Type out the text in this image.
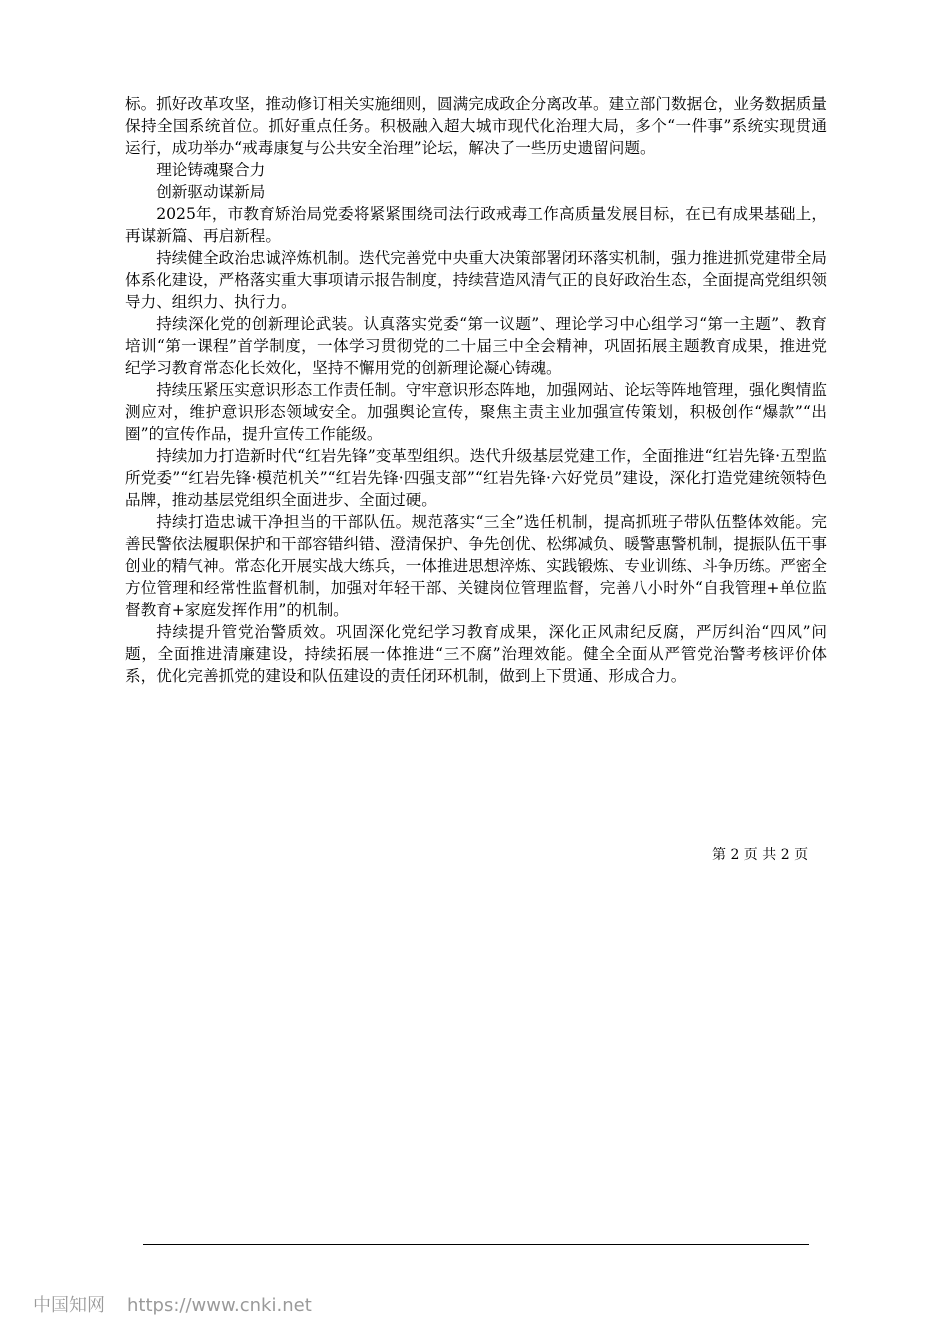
标。抓好改革攻坚，推动修订相关实施细则，圆满完成政企分离改革。建立部门数据仓，业务数据质量保持全国系统首位。抓好重点任务。积极融入超大城市现代化治理大局，多个“一件事”系统实现贯通运行，成功举办“戒毒康复与公共安全治理”论坛，解决了一些历史遗留问题。

理论铸魂聚合力

创新驱动谋新局

2025年，市教育矫治局党委将紧紧围绕司法行政戒毒工作高质量发展目标，在已有成果基础上，再谋新篇、再启新程。

持续健全政治忠诚淬炼机制。迭代完善党中央重大决策部署闭环落实机制，强力推进抓党建带全局体系化建设，严格落实重大事项请示报告制度，持续营造风清气正的良好政治生态，全面提高党组织领导力、组织力、执行力。

持续深化党的创新理论武装。认真落实党委“第一议题”、理论学习中心组学习“第一主题”、教育培训“第一课程”首学制度，一体学习贯彻党的二十届三中全会精神，巩固拓展主题教育成果，推进党纪学习教育常态化长效化，坚持不懈用党的创新理论凝心铸魂。

持续压紧压实意识形态工作责任制。守牢意识形态阵地，加强网站、论坛等阵地管理，强化舆情监测应对，维护意识形态领域安全。加强舆论宣传，聚焦主责主业加强宣传策划，积极创作“爆款”“出圈”的宣传作品，提升宣传工作能级。

持续加力打造新时代“红岩先锋”变革型组织。迭代升级基层党建工作，全面推进“红岩先锋·五型监所党委”“红岩先锋·模范机关”“红岩先锋·四强支部”“红岩先锋·六好党员”建设，深化打造党建统领特色品牌，推动基层党组织全面进步、全面过硬。

持续打造忠诚干净担当的干部队伍。规范落实“三全”选任机制，提高抓班子带队伍整体效能。完善民警依法履职保护和干部容错纠错、澄清保护、争先创优、松绑减负、暖警惠警机制，提振队伍干事创业的精气神。常态化开展实战大练兵，一体推进思想淬炼、实践锻炼、专业训练、斗争历练。严密全方位管理和经常性监督机制，加强对年轻干部、关键岗位管理监督，完善八小时外“自我管理+单位监督教育+家庭发挥作用”的机制。

持续提升管党治警质效。巩固深化党纪学习教育成果，深化正风肃纪反腐，严厉纠治“四风”问题，全面推进清廉建设，持续拓展一体推进“三不腐”治理效能。健全全面从严管党治警考核评价体系，优化完善抓党的建设和队伍建设的责任闭环机制，做到上下贯通、形成合力。

第 2 页 共 2 页
中国知网 https://www.cnki.net
